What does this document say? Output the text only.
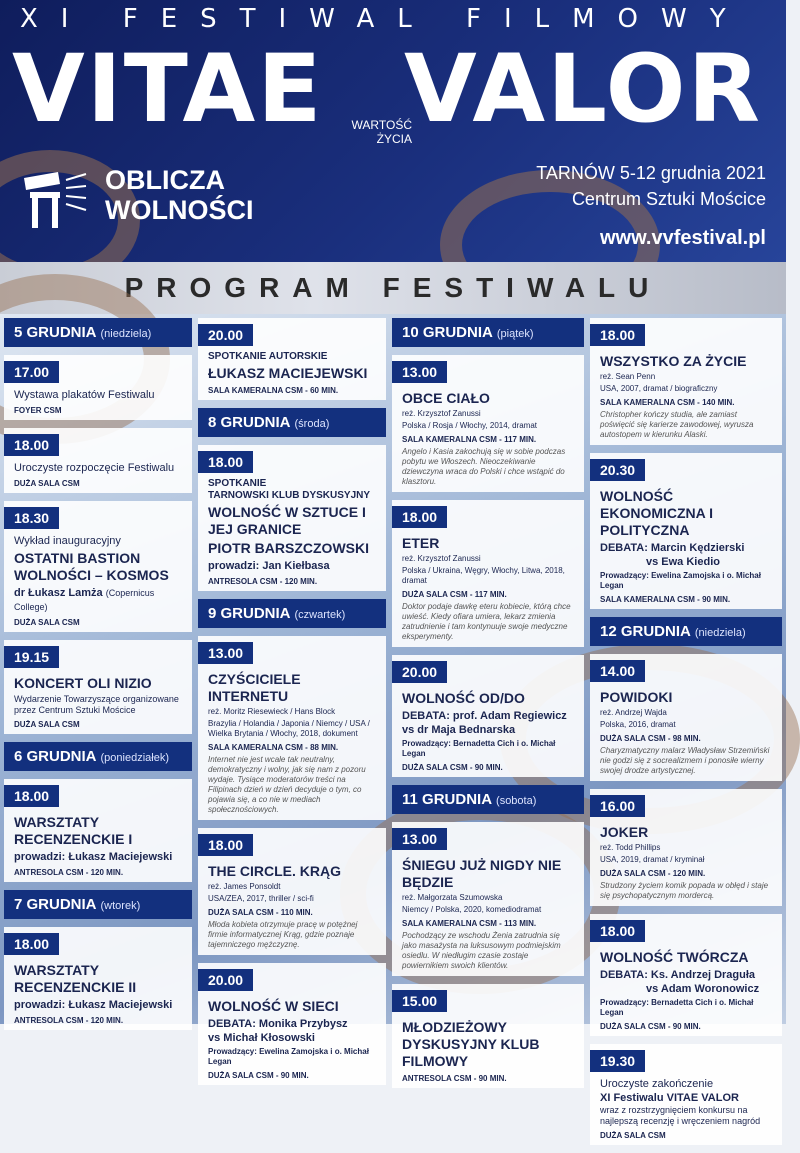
XI FESTIWAL FILMOWY
VITAE WARTOŚĆ
ŻYCIA
VALOR
OBLICZA
WOLNOŚCI
TARNÓW 5-12 grudnia 2021
Centrum Sztuki Mościce
www.vvfestival.pl
PROGRAM FESTIWALU
5 GRUDNIA (niedziela)
17.00
Wystawa plakatów Festiwalu
FOYER CSM
18.00
Uroczyste rozpoczęcie Festiwalu
DUŻA SALA CSM
18.30
Wykład inauguracyjny
OSTATNI BASTION WOLNOŚCI – KOSMOS
dr Łukasz Lamża (Copernicus College)
DUŻA SALA CSM
19.15
KONCERT OLI NIZIO
Wydarzenie Towarzyszące organizowane przez Centrum Sztuki Mościce
DUŻA SALA CSM
6 GRUDNIA (poniedziałek)
18.00
WARSZTATY RECENZENCKIE I
prowadzi: Łukasz Maciejewski
ANTRESOLA CSM - 120 MIN.
7 GRUDNIA (wtorek)
18.00
WARSZTATY RECENZENCKIE II
prowadzi: Łukasz Maciejewski
ANTRESOLA CSM - 120 MIN.
20.00
SPOTKANIE AUTORSKIE
ŁUKASZ MACIEJEWSKI
SALA KAMERALNA CSM - 60 MIN.
8 GRUDNIA (środa)
18.00
SPOTKANIE
TARNOWSKI KLUB DYSKUSYJNY
WOLNOŚĆ W SZTUCE I JEJ GRANICE
PIOTR BARSZCZOWSKI
prowadzi: Jan Kiełbasa
ANTRESOLA CSM - 120 MIN.
9 GRUDNIA (czwartek)
13.00
CZYŚCICIELE INTERNETU
reż. Moritz Riesewieck / Hans Block
Brazylia / Holandia / Japonia / Niemcy / USA / Wielka Brytania / Włochy, 2018, dokument
SALA KAMERALNA CSM - 88 MIN.
Internet nie jest wcale tak neutralny, demokratyczny i wolny, jak się nam z pozoru wydaje. Tysiące moderatorów treści na Filipinach dzień w dzień decyduje o tym, co pojawia się, a co nie w mediach społecznościowych.
18.00
THE CIRCLE. KRĄG
reż. James Ponsoldt
USA/ZEA, 2017, thriller / sci-fi
DUŻA SALA CSM - 110 MIN.
Młoda kobieta otrzymuje pracę w potężnej firmie informatycznej Krąg, gdzie poznaje tajemniczego mężczyznę.
20.00
WOLNOŚĆ W SIECI
DEBATA: Monika Przybysz
vs Michał Kłosowski
Prowadzący: Ewelina Zamojska i o. Michał Legan
DUŻA SALA CSM - 90 MIN.
10 GRUDNIA (piątek)
13.00
OBCE CIAŁO
reż. Krzysztof Zanussi
Polska / Rosja / Włochy, 2014, dramat
SALA KAMERALNA CSM - 117 MIN.
Angelo i Kasia zakochują się w sobie podczas pobytu we Włoszech. Nieoczekiwanie dziewczyna wraca do Polski i chce wstąpić do klasztoru.
18.00
ETER
reż. Krzysztof Zanussi
Polska / Ukraina, Węgry, Włochy, Litwa, 2018, dramat
DUŻA SALA CSM - 117 MIN.
Doktor podaje dawkę eteru kobiecie, którą chce uwieść. Kiedy ofiara umiera, lekarz zmienia zatrudnienie i tam kontynuuje swoje medyczne eksperymenty.
20.00
WOLNOŚĆ OD/DO
DEBATA: prof. Adam Regiewicz
vs dr Maja Bednarska
Prowadzący: Bernadetta Cich i o. Michał Legan
DUŻA SALA CSM - 90 MIN.
11 GRUDNIA (sobota)
13.00
ŚNIEGU JUŻ NIGDY NIE BĘDZIE
reż. Małgorzata Szumowska
Niemcy / Polska, 2020, komediodramat
SALA KAMERALNA CSM - 113 MIN.
Pochodzący ze wschodu Żenia zatrudnia się jako masażysta na luksusowym podmiejskim osiedlu. W niedługim czasie zostaje powiernikiem swoich klientów.
15.00
MŁODZIEŻOWY DYSKUSYJNY KLUB FILMOWY
ANTRESOLA CSM - 90 MIN.
18.00
WSZYSTKO ZA ŻYCIE
reż. Sean Penn
USA, 2007, dramat / biograficzny
SALA KAMERALNA CSM - 140 MIN.
Christopher kończy studia, ale zamiast poświęcić się karierze zawodowej, wyrusza autostopem w kierunku Alaski.
20.30
WOLNOŚĆ EKONOMICZNA I POLITYCZNA
DEBATA: Marcin Kędzierski
vs Ewa Kiedio
Prowadzący: Ewelina Zamojska i o. Michał Legan
SALA KAMERALNA CSM - 90 MIN.
12 GRUDNIA (niedziela)
14.00
POWIDOKI
reż. Andrzej Wajda
Polska, 2016, dramat
DUŻA SALA CSM - 98 MIN.
Charyzmatyczny malarz Władysław Strzemiński nie godzi się z socrealizmem i ponosiłe wierny swojej drodze artystycznej.
16.00
JOKER
reż. Todd Phillips
USA, 2019, dramat / kryminał
DUŻA SALA CSM - 120 MIN.
Strudzony życiem komik popada w obłęd i staje się psychopatycznym mordercą.
18.00
WOLNOŚĆ TWÓRCZA
DEBATA: Ks. Andrzej Draguła
vs Adam Woronowicz
Prowadzący: Bernadetta Cich i o. Michał Legan
DUŻA SALA CSM - 90 MIN.
19.30
Uroczyste zakończenie
XI Festiwalu VITAE VALOR
wraz z rozstrzygnięciem konkursu na najlepszą recenzję i wręczeniem nagród
DUŻA SALA CSM
